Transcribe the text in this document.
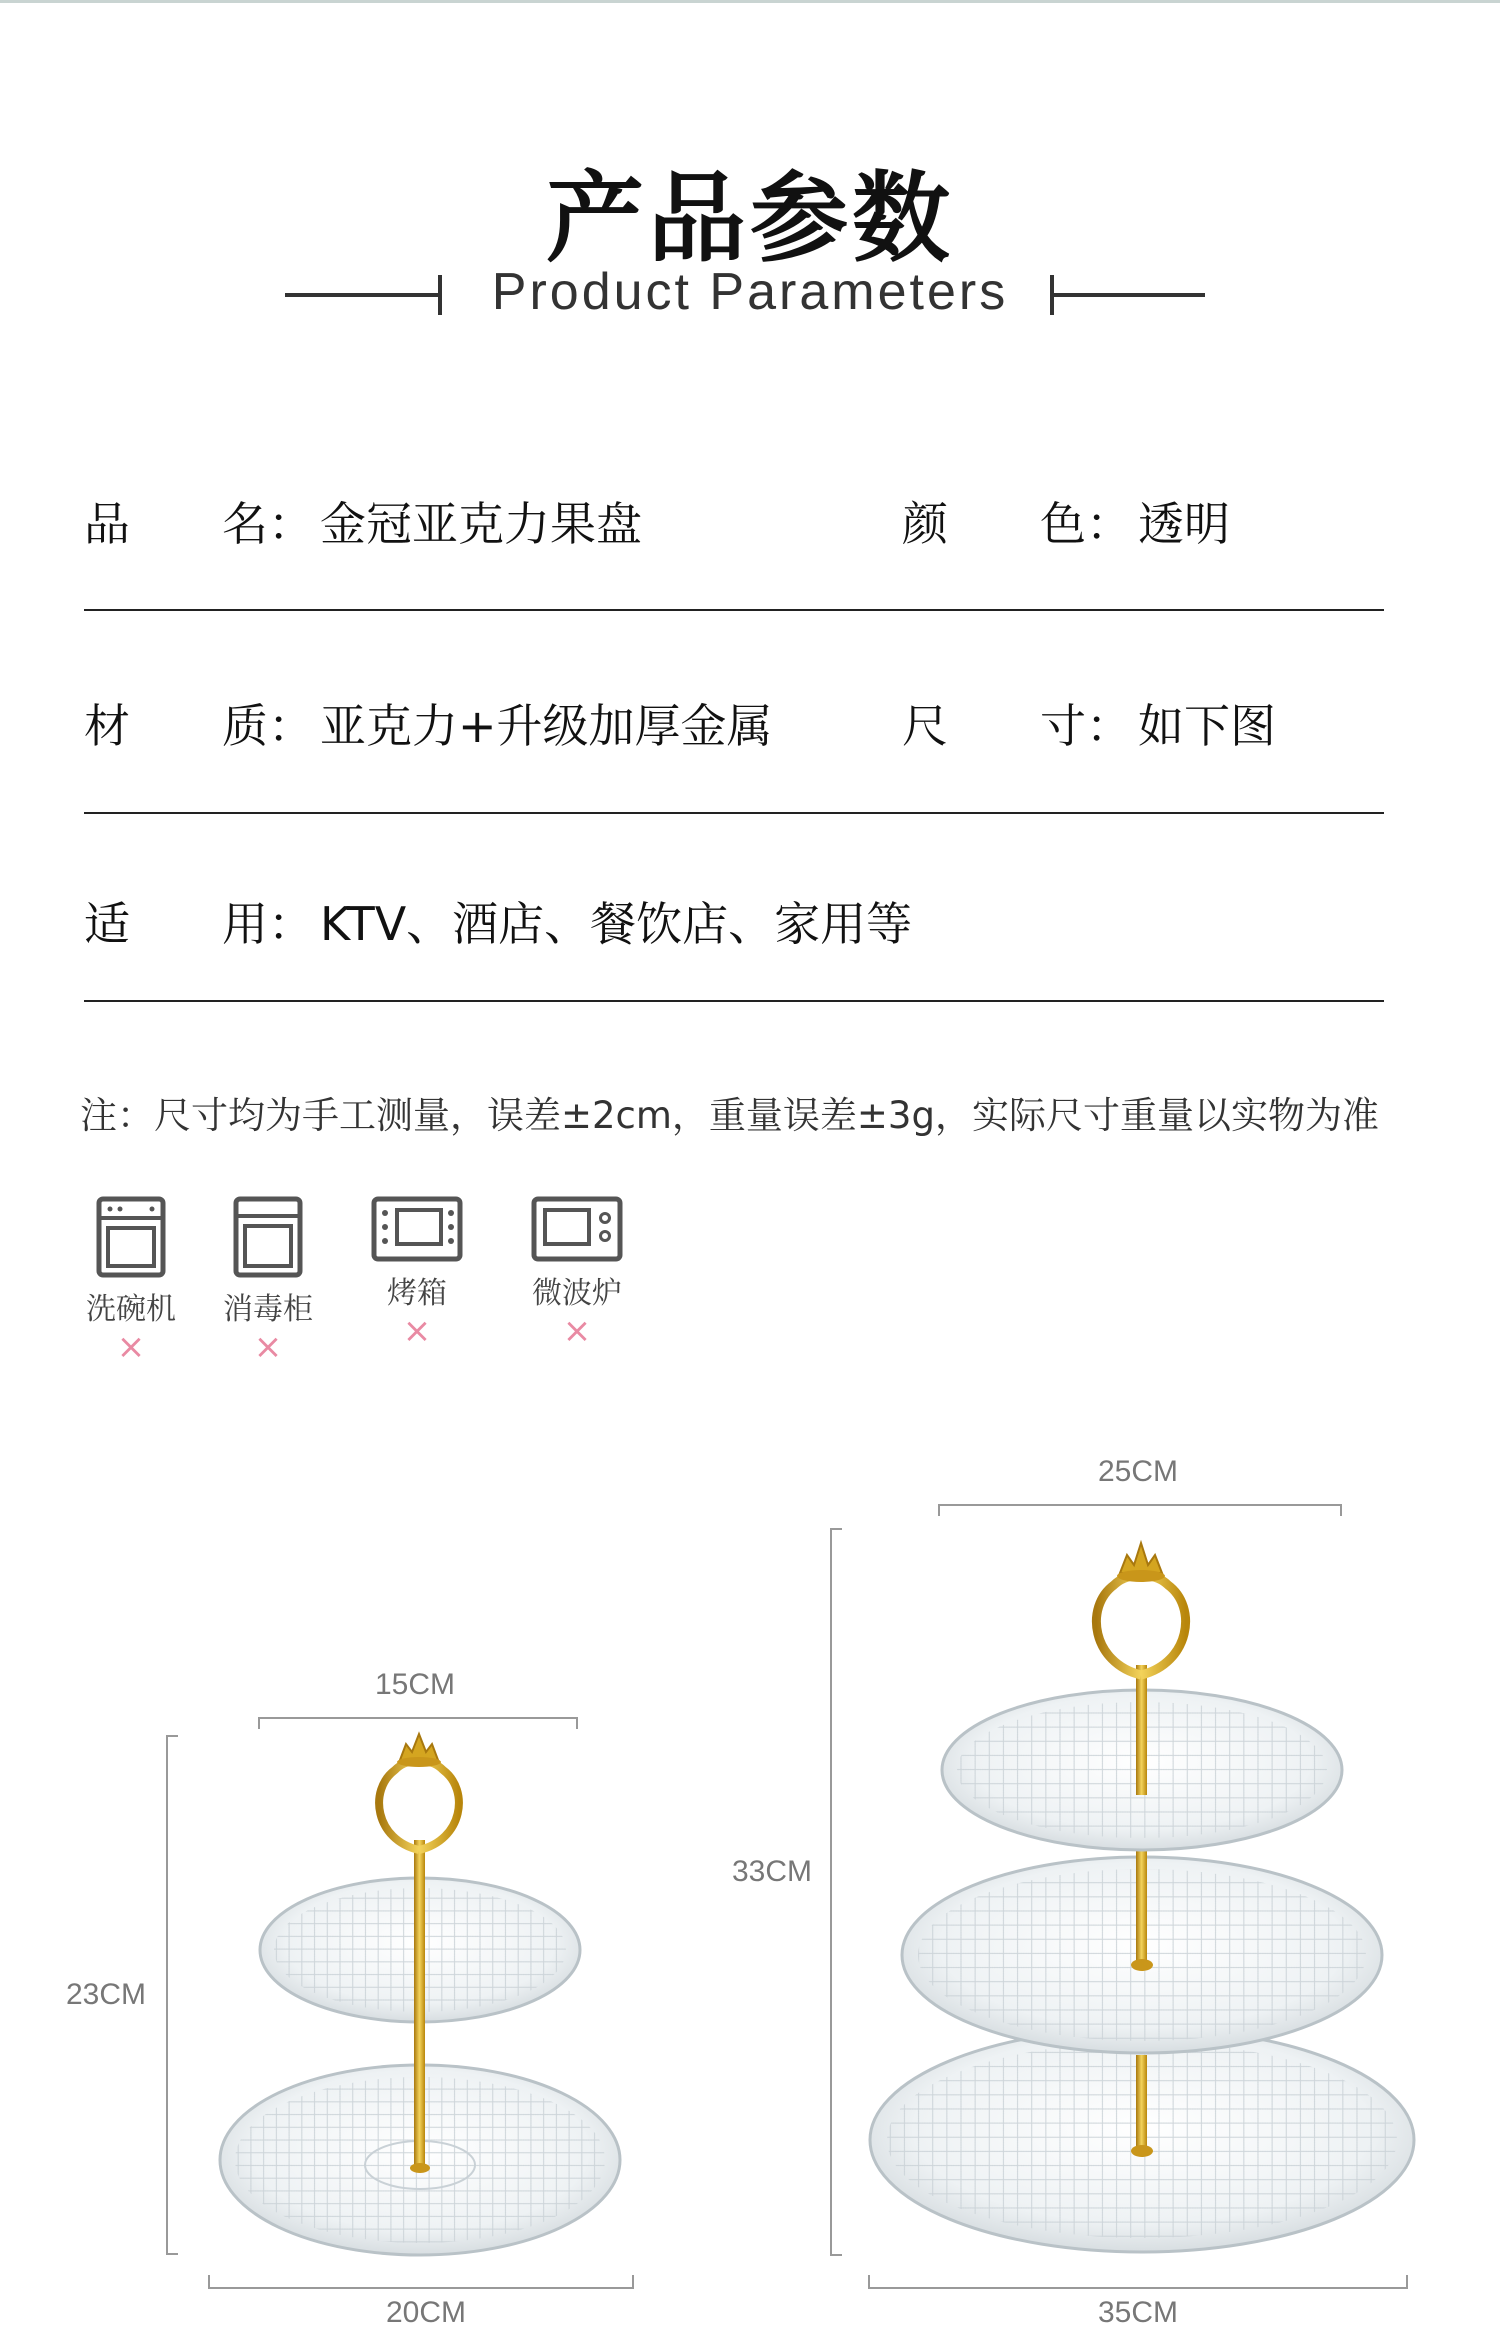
产品参数
Product Parameters
品　　名： 金冠亚克力果盘	颜　　色： 透明
材　　质： 亚克力+升级加厚金属	尺　　寸： 如下图
适　　用： KTV、酒店、餐饮店、家用等
注：尺寸均为手工测量，误差±2cm，重量误差±3g，实际尺寸重量以实物为准
洗碗机
×
消毒柜
×
烤箱
×
微波炉
×
15CM
23CM
20CM
25CM
33CM
35CM
